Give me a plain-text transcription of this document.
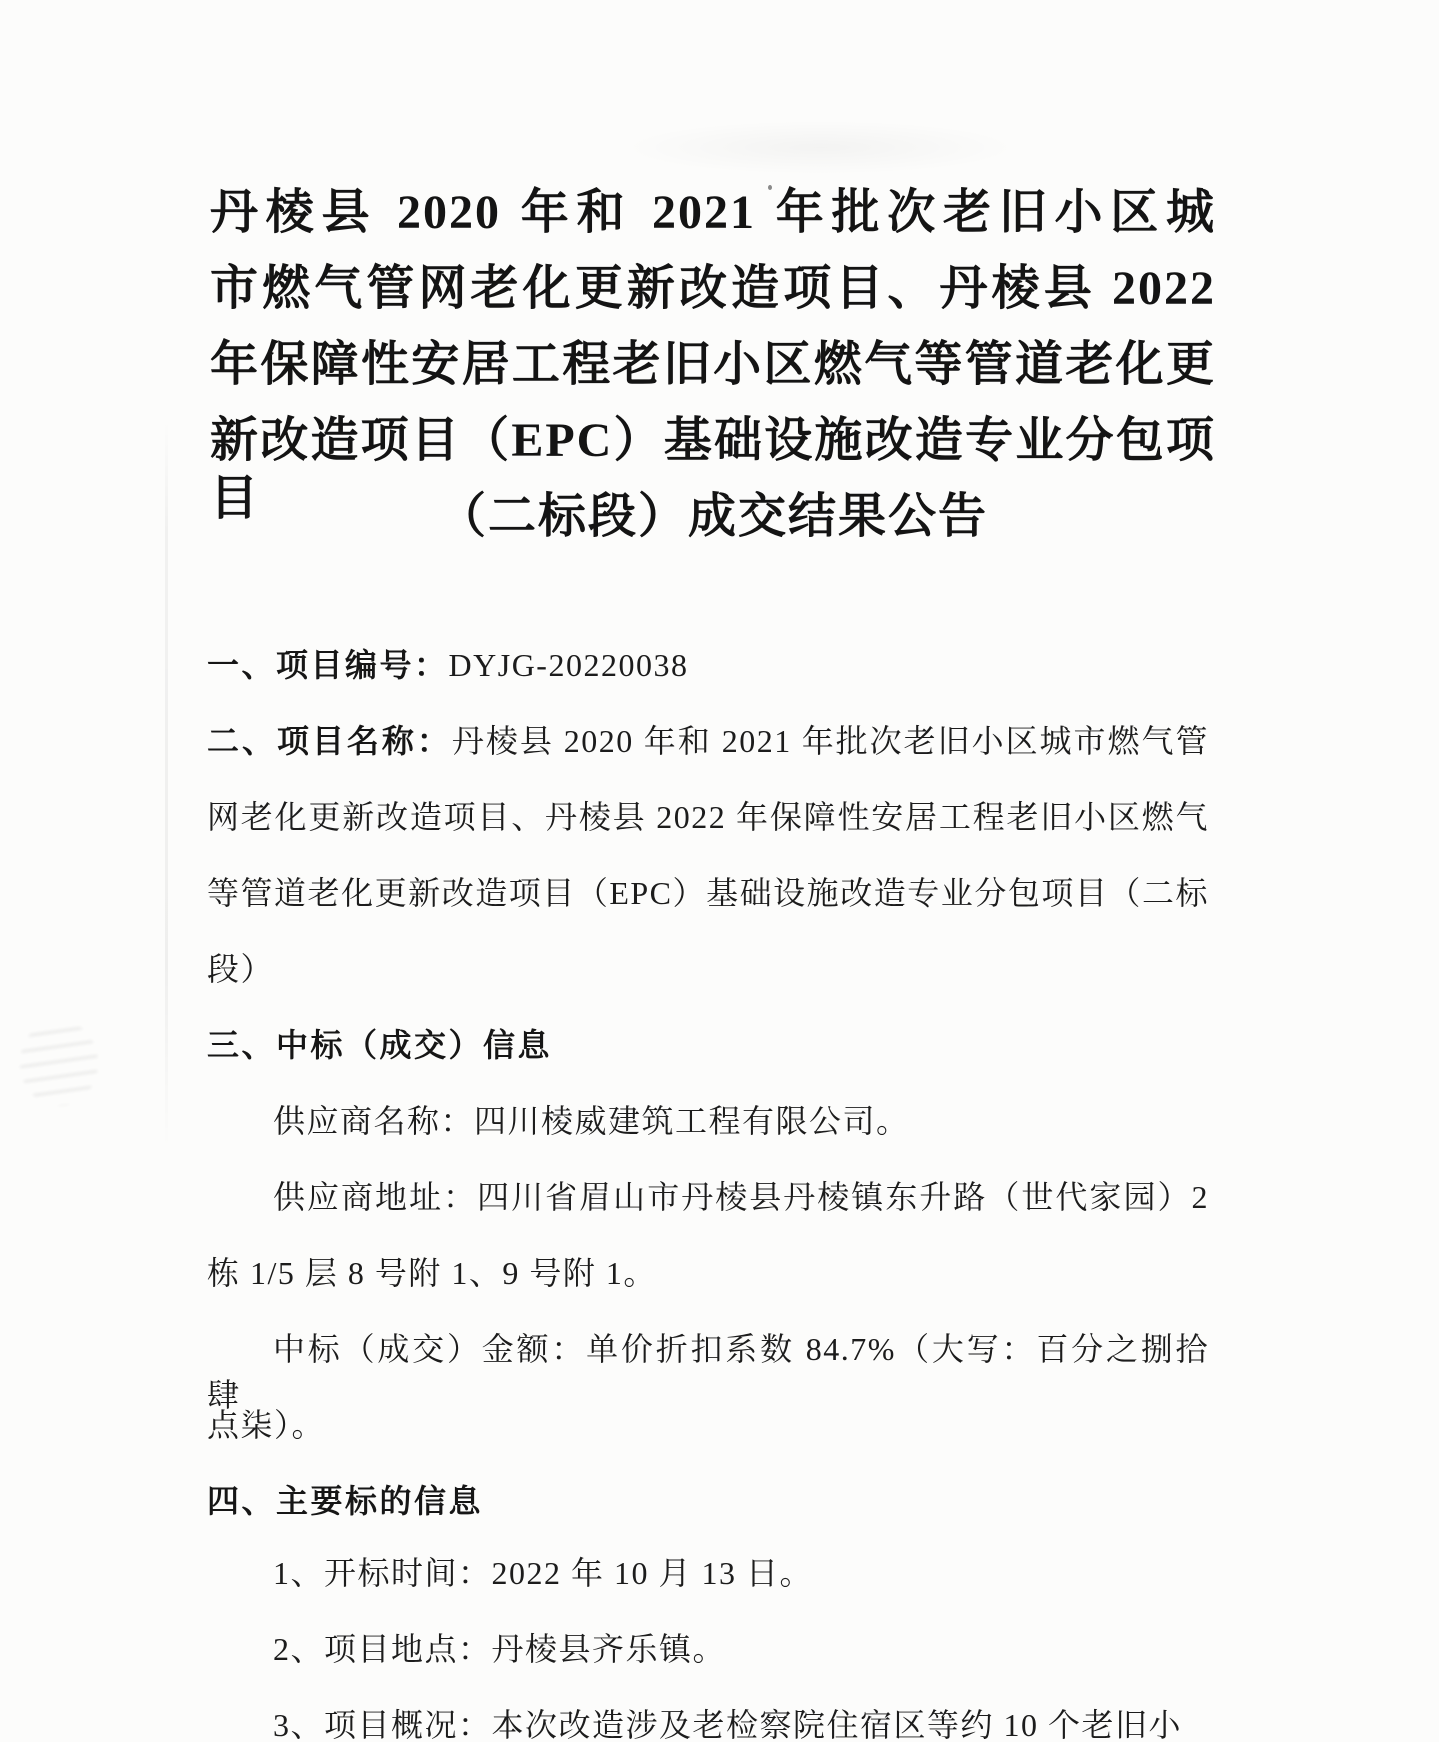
丹棱县 2020 年和 2021 年批次老旧小区城
市燃气管网老化更新改造项目、丹棱县 2022
年保障性安居工程老旧小区燃气等管道老化更
新改造项目（EPC）基础设施改造专业分包项目	（二标段）成交结果公告
一、项目编号：DYJG-20220038
二、项目名称：丹棱县 2020 年和 2021 年批次老旧小区城市燃气管
网老化更新改造项目、丹棱县 2022 年保障性安居工程老旧小区燃气
等管道老化更新改造项目（EPC）基础设施改造专业分包项目（二标
段）
三、中标（成交）信息
供应商名称：四川棱威建筑工程有限公司。
供应商地址：四川省眉山市丹棱县丹棱镇东升路（世代家园）2
栋 1/5 层 8 号附 1、9 号附 1。
中标（成交）金额：单价折扣系数 84.7%（大写：百分之捌拾肆
点柒）。
四、主要标的信息
1、开标时间：2022 年 10 月 13 日。
2、项目地点：丹棱县齐乐镇。
3、项目概况：本次改造涉及老检察院住宿区等约 10 个老旧小
